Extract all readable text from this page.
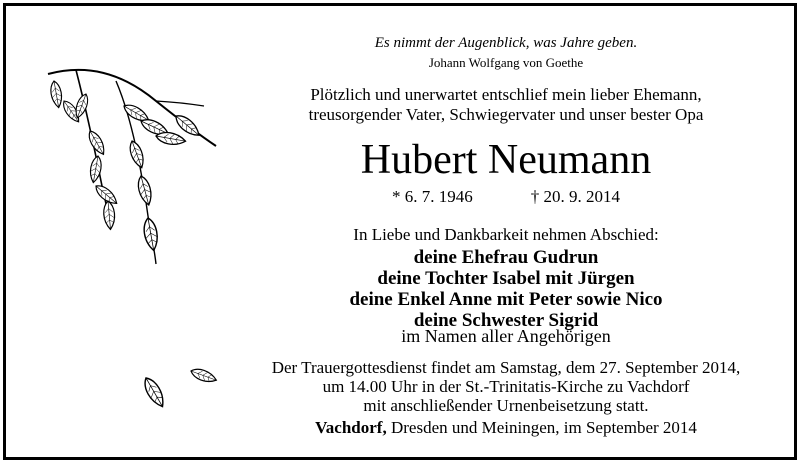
Es nimmt der Augenblick, was Jahre geben.
Johann Wolfgang von Goethe
Plötzlich und unerwartet entschlief mein lieber Ehemann,
treusorgender Vater, Schwiegervater und unser bester Opa
Hubert Neumann
* 6. 7. 1946	† 20. 9. 2014
In Liebe und Dankbarkeit nehmen Abschied:
deine Ehefrau Gudrun
deine Tochter Isabel mit Jürgen
deine Enkel Anne mit Peter sowie Nico
deine Schwester Sigrid
im Namen aller Angehörigen
Der Trauergottesdienst findet am Samstag, dem 27. September 2014,
um 14.00 Uhr in der St.-Trinitatis-Kirche zu Vachdorf
mit anschließender Urnenbeisetzung statt.
Vachdorf, Dresden und Meiningen, im September 2014
